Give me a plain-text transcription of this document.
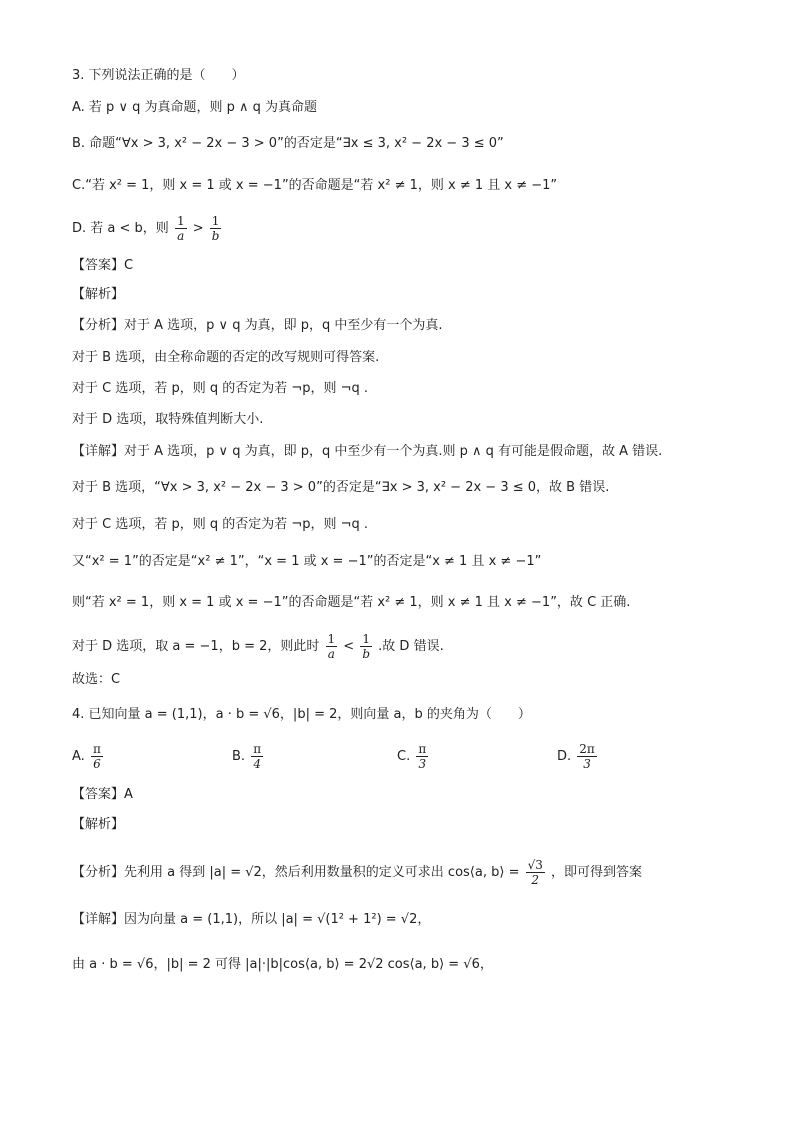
3. 下列说法正确的是（　　）
A. 若 p ∨ q 为真命题，则 p ∧ q 为真命题
B. 命题“∀x > 3, x² − 2x − 3 > 0”的否定是“∃x ≤ 3, x² − 2x − 3 ≤ 0”
C.“若 x² = 1，则 x = 1 或 x = −1”的否命题是“若 x² ≠ 1，则 x ≠ 1 且 x ≠ −1”
D. 若 a < b，则 $\frac{1}{a} > \frac{1}{b}$
【答案】C
【解析】
【分析】对于 A 选项，p ∨ q 为真，即 p，q 中至少有一个为真.
对于 B 选项，由全称命题的否定的改写规则可得答案.
对于 C 选项，若 p，则 q 的否定为若 ¬p，则 ¬q .
对于 D 选项，取特殊值判断大小.
【详解】对于 A 选项，p ∨ q 为真，即 p，q 中至少有一个为真.则 p ∧ q 有可能是假命题，故 A 错误.
对于 B 选项，“∀x > 3, x² − 2x − 3 > 0”的否定是“∃x > 3, x² − 2x − 3 ≤ 0，故 B 错误.
对于 C 选项，若 p，则 q 的否定为若 ¬p，则 ¬q .
又“x² = 1”的否定是“x² ≠ 1”，“x = 1 或 x = −1”的否定是“x ≠ 1 且 x ≠ −1”
则“若 x² = 1，则 x = 1 或 x = −1”的否命题是“若 x² ≠ 1，则 x ≠ 1 且 x ≠ −1”，故 C 正确.
对于 D 选项，取 a = −1，b = 2，则此时 $\frac{1}{a} < \frac{1}{b}$ .故 D 错误.
故选：C
4. 已知向量 a = (1,1)，a · b = √6，|b| = 2，则向量 a，b 的夹角为（　　）
A. $\frac{\pi}{6}$	B. $\frac{\pi}{4}$	C. $\frac{\pi}{3}$	D. $\frac{2\pi}{3}$
【答案】A
【解析】
【分析】先利用 a 得到 |a| = √2，然后利用数量积的定义可求出 cos⟨a, b⟩ = $\frac{√3}{2}$ ，即可得到答案
【详解】因为向量 a = (1,1)，所以 |a| = √(1² + 1²) = √2，
由 a · b = √6，|b| = 2 可得 |a|·|b|cos⟨a, b⟩ = 2√2 cos⟨a, b⟩ = √6，
